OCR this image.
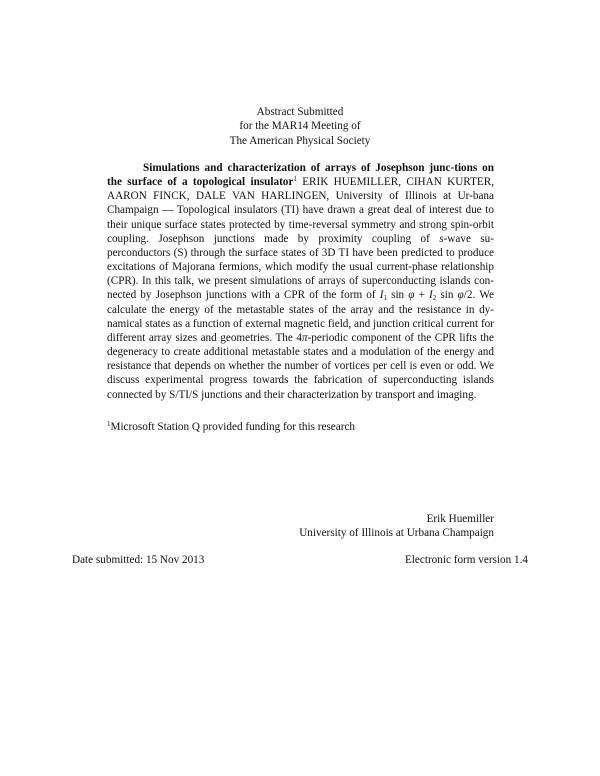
Abstract Submitted
for the MAR14 Meeting of
The American Physical Society
Simulations and characterization of arrays of Josephson junc-tions on the surface of a topological insulator$^1$ ERIK HUEMILLER, CIHAN KURTER, AARON FINCK, DALE VAN HARLINGEN, University of Illinois at Ur-bana Champaign — Topological insulators (TI) have drawn a great deal of interest due to their unique surface states protected by time-reversal symmetry and strong spin-orbit coupling. Josephson junctions made by proximity coupling of s-wave su-perconductors (S) through the surface states of 3D TI have been predicted to produce excitations of Majorana fermions, which modify the usual current-phase relationship (CPR). In this talk, we present simulations of arrays of superconducting islands con-nected by Josephson junctions with a CPR of the form of $I_1$ $\sin \varphi + I_2$ sin φ/2. We calculate the energy of the metastable states of the array and the resistance in dy-namical states as a function of external magnetic field, and junction critical current for different array sizes and geometries. The 4π-periodic component of the CPR lifts the degeneracy to create additional metastable states and a modulation of the energy and resistance that depends on whether the number of vortices per cell is even or odd. We discuss experimental progress towards the fabrication of superconducting islands connected by S/TI/S junctions and their characterization by transport and imaging.
$^1$Microsoft Station Q provided funding for this research
Erik Huemiller
University of Illinois at Urbana Champaign
Date submitted: 15 Nov 2013	Electronic form version 1.4
